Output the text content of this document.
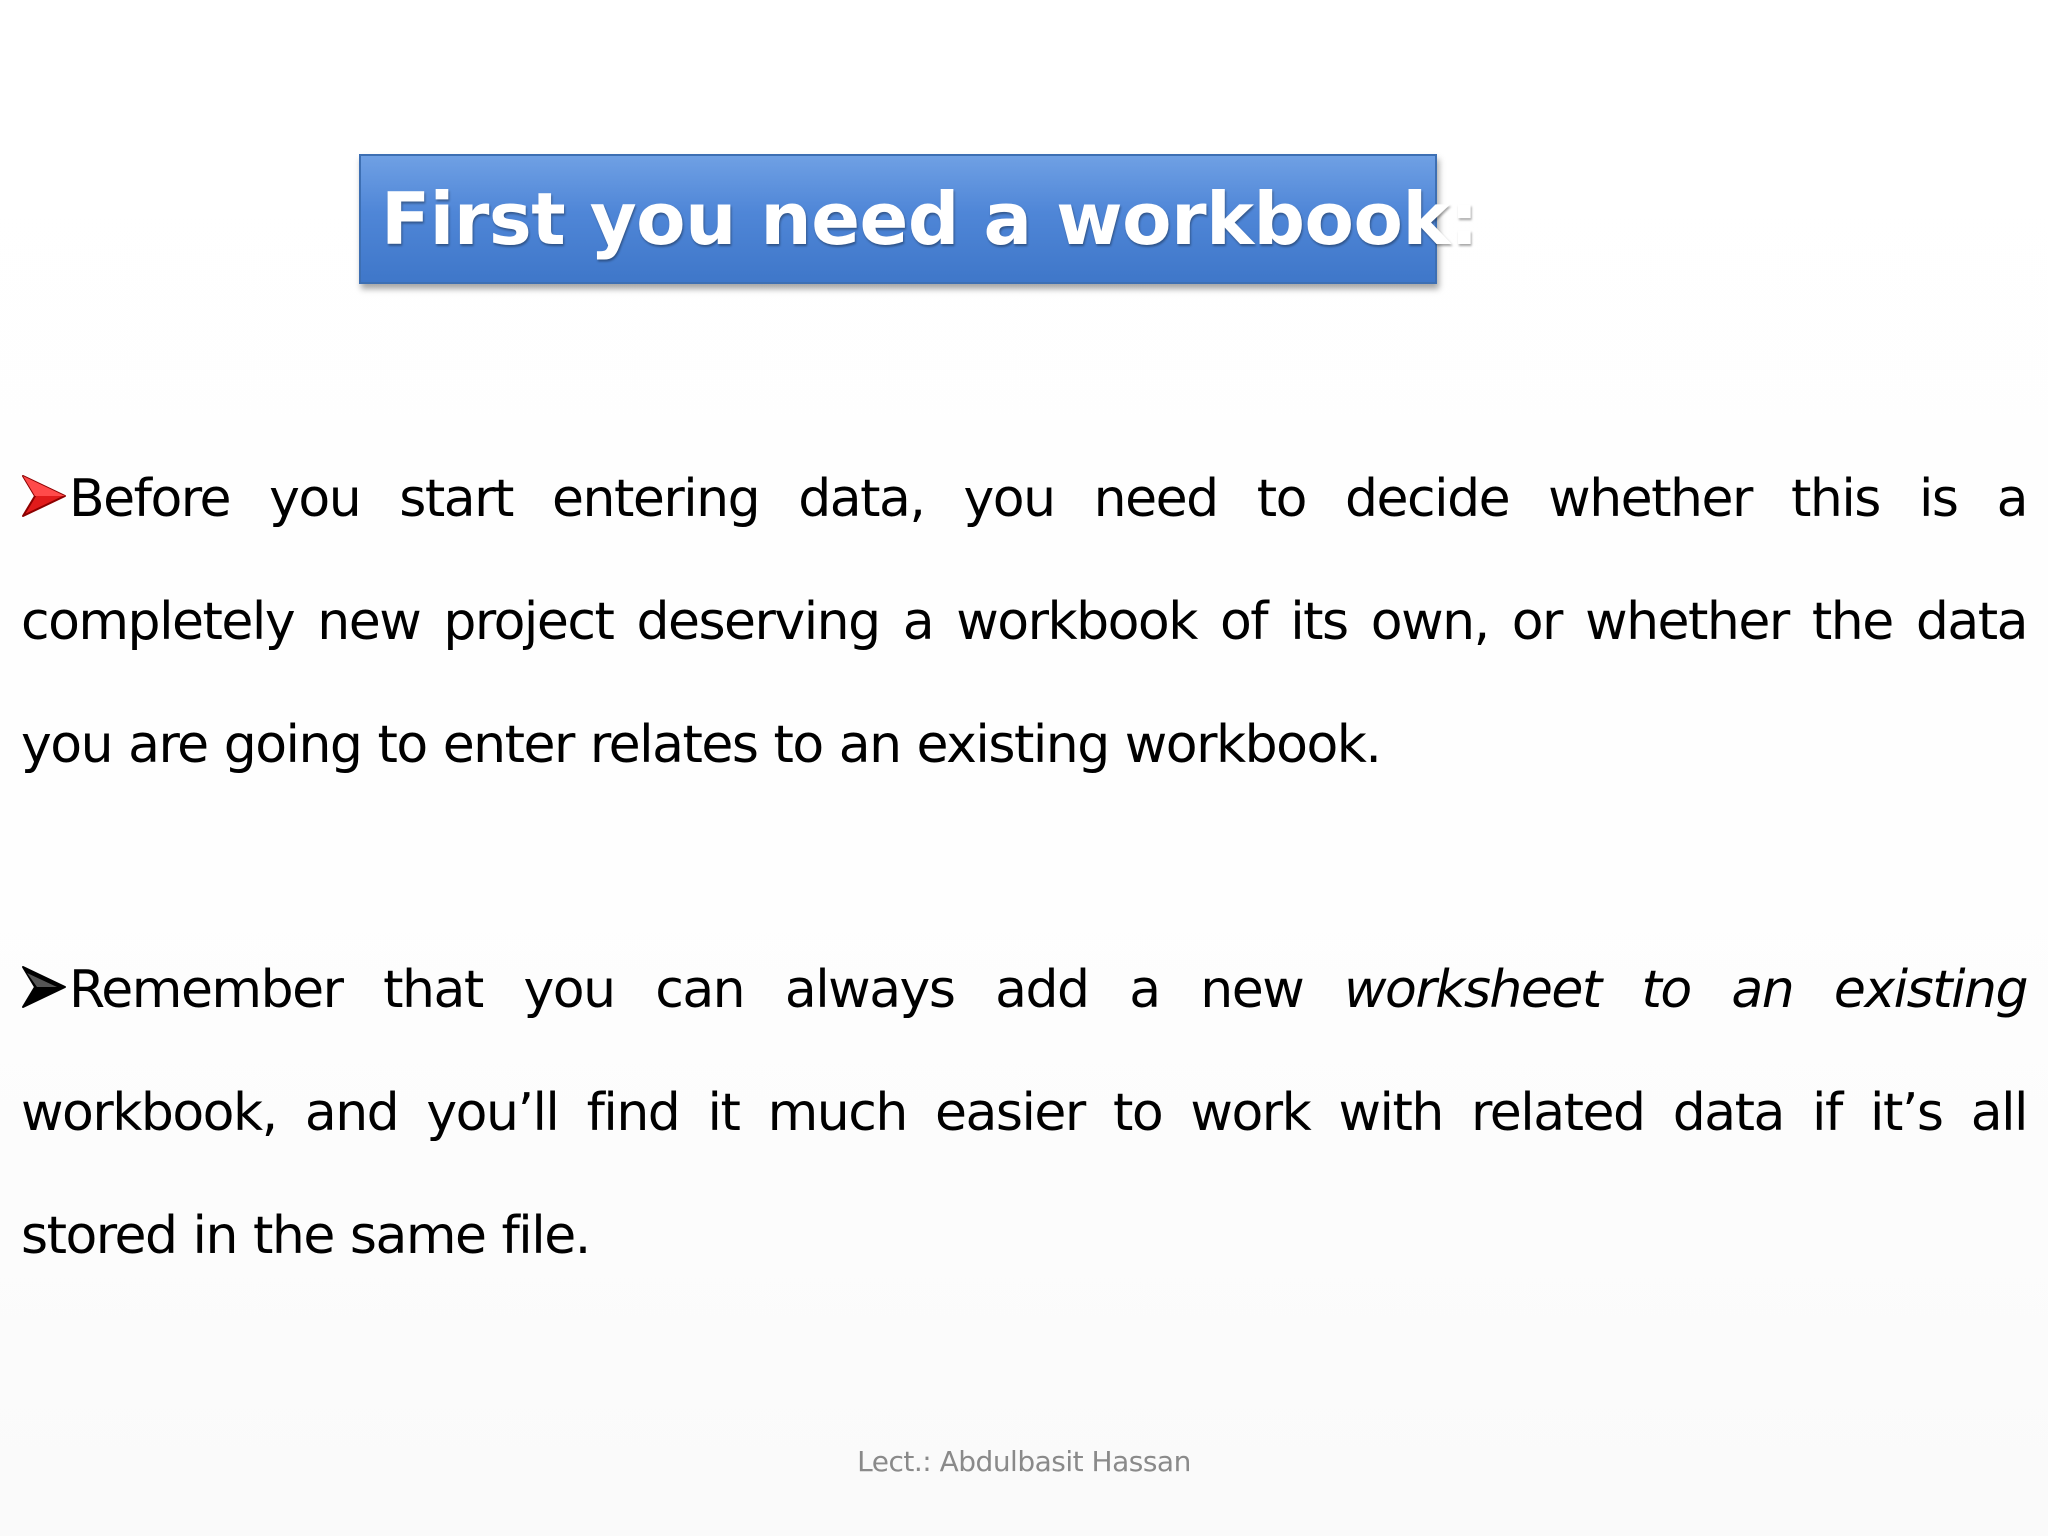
First you need a workbook:
Before you start entering data, you need to decide whether this is a completely new project deserving a workbook of its own, or whether the data you are going to enter relates to an existing workbook.
Remember that you can always add a new worksheet to an existing workbook, and you’ll find it much easier to work with related data if it’s all stored in the same file.
Lect.: Abdulbasit Hassan
